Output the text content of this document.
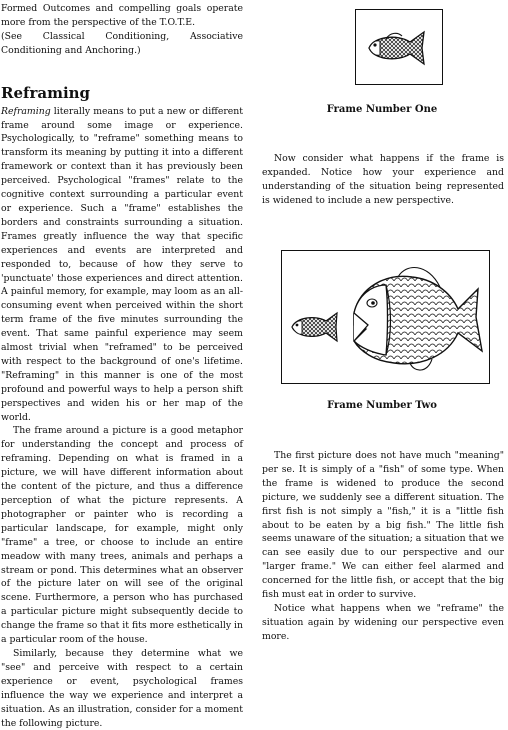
Formed Outcomes and compelling goals operate more from the perspective of the T.O.T.E.

(See Classical Conditioning, Associative Conditioning and Anchoring.)

Reframing

Reframing literally means to put a new or different frame around some image or experience. Psychologically, to "reframe" something means to transform its meaning by putting it into a different framework or context than it has previously been perceived. Psychological "frames" relate to the cognitive context surrounding a particular event or experience. Such a "frame" establishes the borders and constraints surrounding a situation. Frames greatly influence the way that specific experiences and events are interpreted and responded to, because of how they serve to 'punctuate' those experiences and direct attention. A painful memory, for example, may loom as an all-consuming event when perceived within the short term frame of the five minutes surrounding the event. That same painful experience may seem almost trivial when "reframed" to be perceived with respect to the background of one's lifetime. "Reframing" in this manner is one of the most profound and powerful ways to help a person shift perspectives and widen his or her map of the world.

The frame around a picture is a good metaphor for understanding the concept and process of reframing. Depending on what is framed in a picture, we will have different information about the content of the picture, and thus a difference perception of what the picture represents. A photographer or painter who is recording a particular landscape, for example, might only "frame" a tree, or choose to include an entire meadow with many trees, animals and perhaps a stream or pond. This determines what an observer of the picture later on will see of the original scene. Furthermore, a person who has purchased a particular picture might subsequently decide to change the frame so that it fits more esthetically in a particular room of the house.

Similarly, because they determine what we "see" and perceive with respect to a certain experience or event, psychological frames influence the way we experience and interpret a situation. As an illustration, consider for a moment the following picture.

Frame Number One

Now consider what happens if the frame is expanded. Notice how your experience and understanding of the situation being represented is widened to include a new perspective.

Frame Number Two

The first picture does not have much "meaning" per se. It is simply of a "fish" of some type. When the frame is widened to produce the second picture, we suddenly see a different situation. The first fish is not simply a "fish," it is a "little fish about to be eaten by a big fish." The little fish seems unaware of the situation; a situation that we can see easily due to our perspective and our "larger frame." We can either feel alarmed and concerned for the little fish, or accept that the big fish must eat in order to survive.

Notice what happens when we "reframe" the situation again by widening our perspective even more.
